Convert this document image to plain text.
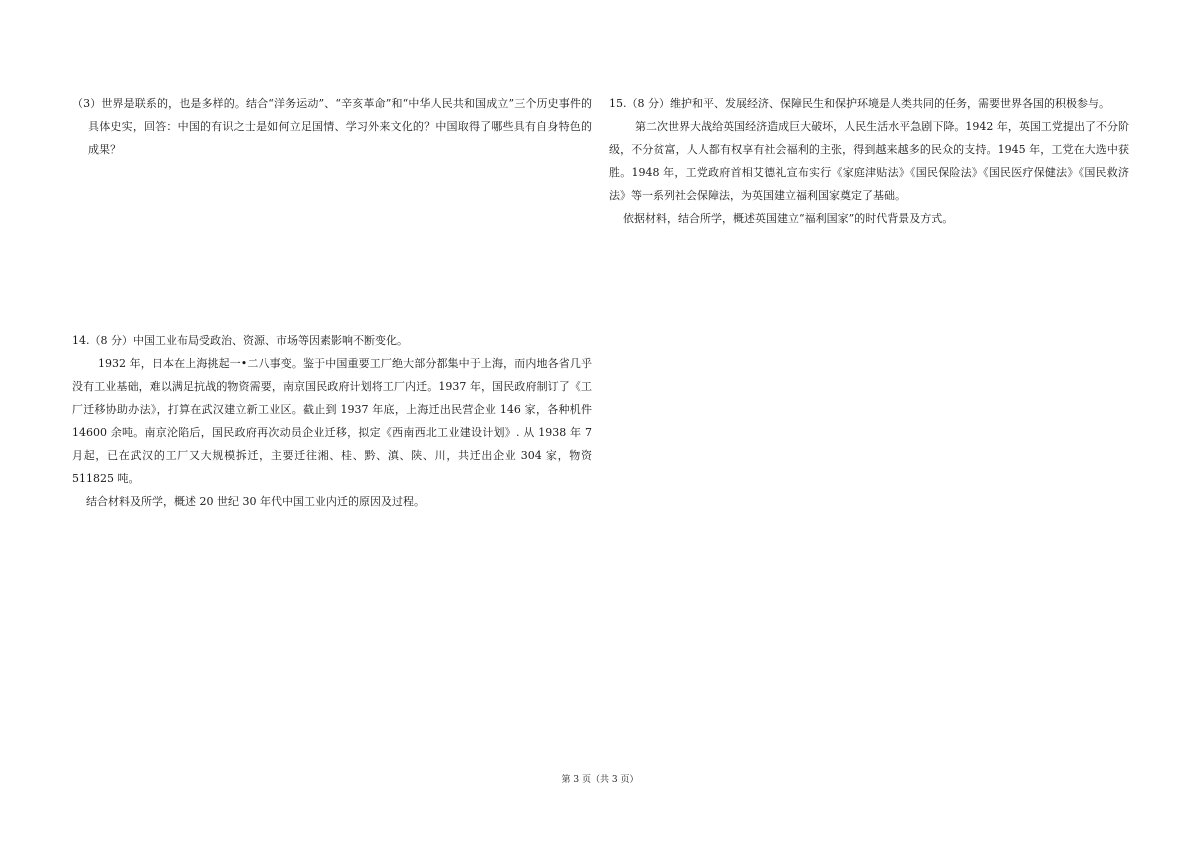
（3）世界是联系的，也是多样的。结合“洋务运动”、“辛亥革命”和“中华人民共和国成立”三个历史事件的具体史实，回答：中国的有识之士是如何立足国情、学习外来文化的？中国取得了哪些具有自身特色的成果？

14.（8 分）中国工业布局受政治、资源、市场等因素影响不断变化。

1932 年，日本在上海挑起一•二八事变。鉴于中国重要工厂绝大部分都集中于上海，而内地各省几乎没有工业基础，难以满足抗战的物资需要，南京国民政府计划将工厂内迁。1937 年，国民政府制订了《工厂迁移协助办法》，打算在武汉建立新工业区。截止到 1937 年底，上海迁出民营企业 146 家，各种机件 14600 余吨。南京沦陷后，国民政府再次动员企业迁移，拟定《西南西北工业建设计划》. 从 1938 年 7 月起，已在武汉的工厂又大规模拆迁，主要迁往湘、桂、黔、滇、陕、川，共迁出企业 304 家，物资 511825 吨。

结合材料及所学，概述 20 世纪 30 年代中国工业内迁的原因及过程。

15.（8 分）维护和平、发展经济、保障民生和保护环境是人类共同的任务，需要世界各国的积极参与。

第二次世界大战给英国经济造成巨大破坏，人民生活水平急剧下降。1942 年，英国工党提出了不分阶级，不分贫富，人人都有权享有社会福利的主张，得到越来越多的民众的支持。1945 年，工党在大选中获胜。1948 年，工党政府首相艾德礼宣布实行《家庭津贴法》《国民保险法》《国民医疗保健法》《国民救济法》等一系列社会保障法，为英国建立福利国家奠定了基础。

依据材料，结合所学，概述英国建立“福利国家”的时代背景及方式。

第 3 页（共 3 页）
